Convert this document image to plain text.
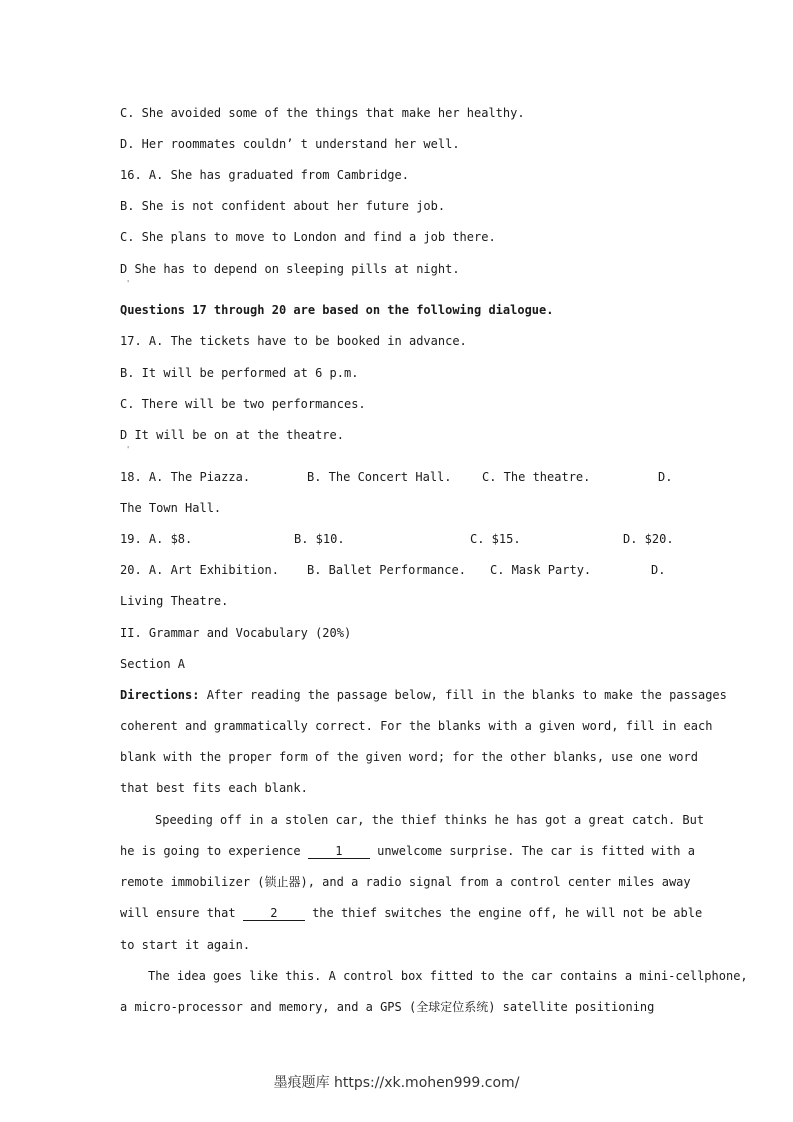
C. She avoided some of the things that make her healthy.
D. Her roommates couldn’ t understand her well.
16. A. She has graduated from Cambridge.
B. She is not confident about her future job.
C. She plans to move to London and find a job there.
D She has to depend on sleeping pills at night.
'
Questions 17 through 20 are based on the following dialogue.
17. A. The tickets have to be booked in advance.
B. It will be performed at 6 p.m.
C. There will be two performances.
D It will be on at the theatre.
'
18. A. The Piazza.	B. The Concert Hall.	C. The theatre.	D.
The Town Hall.
19. A. $8.	B. $10.	C. $15.	D. $20.
20. A. Art Exhibition. B. Ballet Performance. C. Mask Party.	D.
Living Theatre.
II. Grammar and Vocabulary (20%)
Section A
Directions: After reading the passage below, fill in the blanks to make the passages
coherent and grammatically correct. For the blanks with a given word, fill in each
blank with the proper form of the given word; for the other blanks, use one word
that best fits each blank.
Speeding off in a stolen car, the thief thinks he has got a great catch. But
he is going to experience	1	unwelcome surprise. The car is fitted with a
remote immobilizer (锁止器), and a radio signal from a control center miles away
will ensure that	2	the thief switches the engine off, he will not be able
to start it again.
The idea goes like this. A control box fitted to the car contains a mini-cellphone,
a micro-processor and memory, and a GPS (全球定位系统) satellite positioning
墨痕题库 https://xk.mohen999.com/
